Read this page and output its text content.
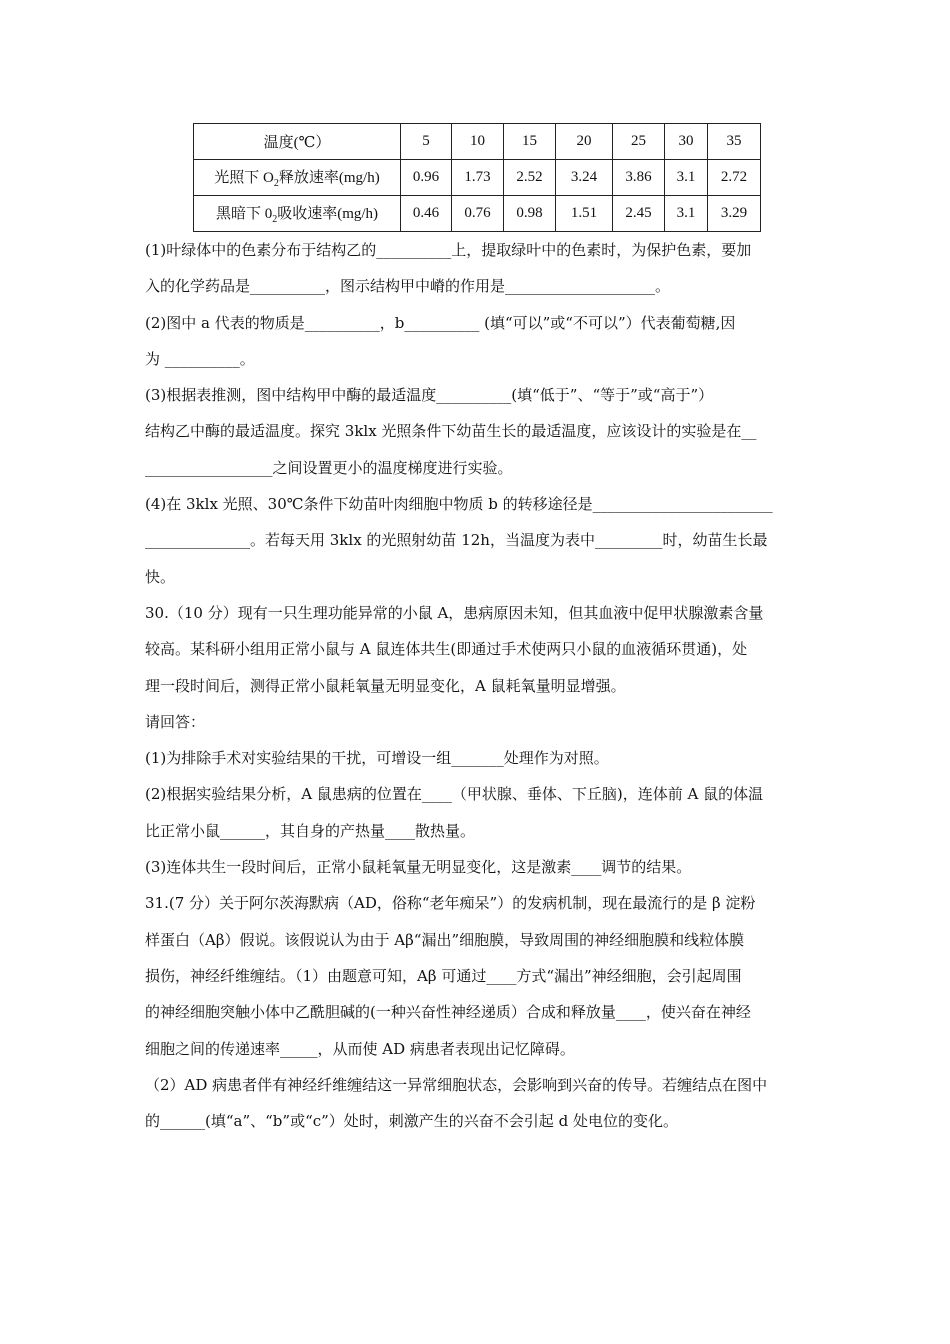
温度(℃）	5	10	15	20	25	30	35
光照下 $O_2$释放速率(mg/h)	0.96	1.73	2.52	3.24	3.86	3.1	2.72
黑暗下 $0_2$吸收速率(mg/h)	0.46	0.76	0.98	1.51	2.45	3.1	3.29

(1)叶绿体中的色素分布于结构乙的__________上，提取绿叶中的色素时，为保护色素，要加

入的化学药品是__________，图示结构甲中嵴的作用是____________________。

(2)图中 a 代表的物质是__________，b__________ (填“可以”或“不可以”）代表葡萄糖,因

为 __________。

(3)根据表推测，图中结构甲中酶的最适温度__________(填“低于”、“等于”或“高于”）

结构乙中酶的最适温度。探究 3klx 光照条件下幼苗生长的最适温度，应该设计的实验是在__

_________________之间设置更小的温度梯度进行实验。

(4)在 3klx 光照、30℃条件下幼苗叶肉细胞中物质 b 的转移途径是________________________

______________。若每天用 3klx 的光照射幼苗 12h，当温度为表中_________时，幼苗生长最

快。

30.（10 分）现有一只生理功能异常的小鼠 A，患病原因未知，但其血液中促甲状腺激素含量

较高。某科研小组用正常小鼠与 A 鼠连体共生(即通过手术使两只小鼠的血液循环贯通)，处

理一段时间后，测得正常小鼠耗氧量无明显变化，A 鼠耗氧量明显增强。

请回答：

(1)为排除手术对实验结果的干扰，可增设一组_______处理作为对照。

(2)根据实验结果分析，A 鼠患病的位置在____（甲状腺、垂体、下丘脑)，连体前 A 鼠的体温

比正常小鼠______，其自身的产热量____散热量。

(3)连体共生一段时间后，正常小鼠耗氧量无明显变化，这是激素____调节的结果。

31.(7 分）关于阿尔茨海默病（AD，俗称“老年痴呆”）的发病机制，现在最流行的是 β 淀粉

样蛋白（Aβ）假说。该假说认为由于 Aβ“漏出”细胞膜，导致周围的神经细胞膜和线粒体膜

损伤，神经纤维缠结。（1）由题意可知，Aβ 可通过____方式“漏出”神经细胞，会引起周围

的神经细胞突触小体中乙酰胆碱的(一种兴奋性神经递质）合成和释放量____，使兴奋在神经

细胞之间的传递速率_____，从而使 AD 病患者表现出记忆障碍。

（2）AD 病患者伴有神经纤维缠结这一异常细胞状态，会影响到兴奋的传导。若缠结点在图中

的______(填“a”、“b”或“c”）处时，刺激产生的兴奋不会引起 d 处电位的变化。
